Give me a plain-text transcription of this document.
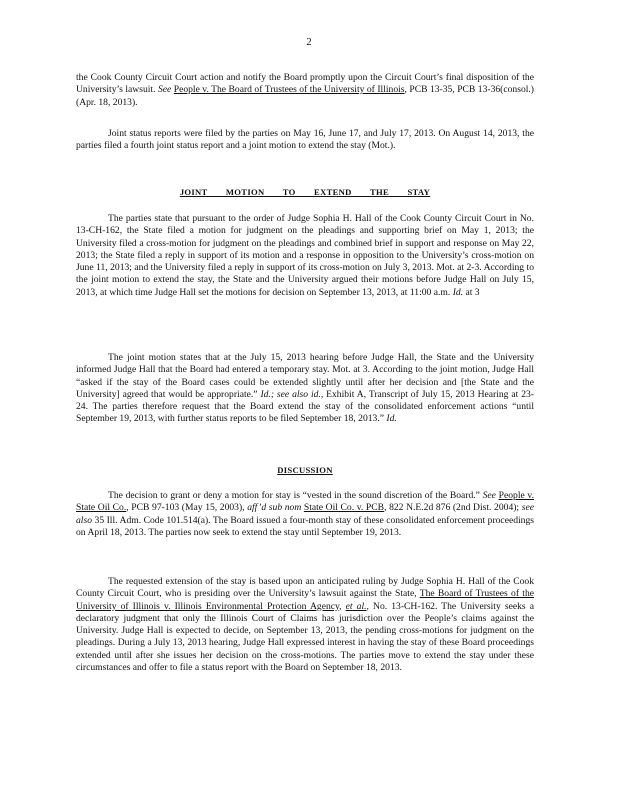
2

the Cook County Circuit Court action and notify the Board promptly upon the Circuit Court’s final disposition of the University’s lawsuit. See People v. The Board of Trustees of the University of Illinois, PCB 13-35, PCB 13-36(consol.) (Apr. 18, 2013).

Joint status reports were filed by the parties on May 16, June 17, and July 17, 2013. On August 14, 2013, the parties filed a fourth joint status report and a joint motion to extend the stay (Mot.).

JOINT MOTION TO EXTEND THE STAY

The parties state that pursuant to the order of Judge Sophia H. Hall of the Cook County Circuit Court in No. 13-CH-162, the State filed a motion for judgment on the pleadings and supporting brief on May 1, 2013; the University filed a cross-motion for judgment on the pleadings and combined brief in support and response on May 22, 2013; the State filed a reply in support of its motion and a response in opposition to the University’s cross-motion on June 11, 2013; and the University filed a reply in support of its cross-motion on July 3, 2013. Mot. at 2-3. According to the joint motion to extend the stay, the State and the University argued their motions before Judge Hall on July 15, 2013, at which time Judge Hall set the motions for decision on September 13, 2013, at 11:00 a.m. Id. at 3

The joint motion states that at the July 15, 2013 hearing before Judge Hall, the State and the University informed Judge Hall that the Board had entered a temporary stay. Mot. at 3. According to the joint motion, Judge Hall “asked if the stay of the Board cases could be extended slightly until after her decision and [the State and the University] agreed that would be appropriate.” Id.; see also id., Exhibit A, Transcript of July 15, 2013 Hearing at 23-24. The parties therefore request that the Board extend the stay of the consolidated enforcement actions “until September 19, 2013, with further status reports to be filed September 18, 2013.” Id.

DISCUSSION

The decision to grant or deny a motion for stay is “vested in the sound discretion of the Board.” See People v. State Oil Co., PCB 97-103 (May 15, 2003), aff’d sub nom State Oil Co. v. PCB, 822 N.E.2d 876 (2nd Dist. 2004); see also 35 Ill. Adm. Code 101.514(a). The Board issued a four-month stay of these consolidated enforcement proceedings on April 18, 2013. The parties now seek to extend the stay until September 19, 2013.

The requested extension of the stay is based upon an anticipated ruling by Judge Sophia H. Hall of the Cook County Circuit Court, who is presiding over the University’s lawsuit against the State, The Board of Trustees of the University of Illinois v. Illinois Environmental Protection Agency, et al., No. 13-CH-162. The University seeks a declaratory judgment that only the Illinois Court of Claims has jurisdiction over the People’s claims against the University. Judge Hall is expected to decide, on September 13, 2013, the pending cross-motions for judgment on the pleadings. During a July 13, 2013 hearing, Judge Hall expressed interest in having the stay of these Board proceedings extended until after she issues her decision on the cross-motions. The parties move to extend the stay under these circumstances and offer to file a status report with the Board on September 18, 2013.
